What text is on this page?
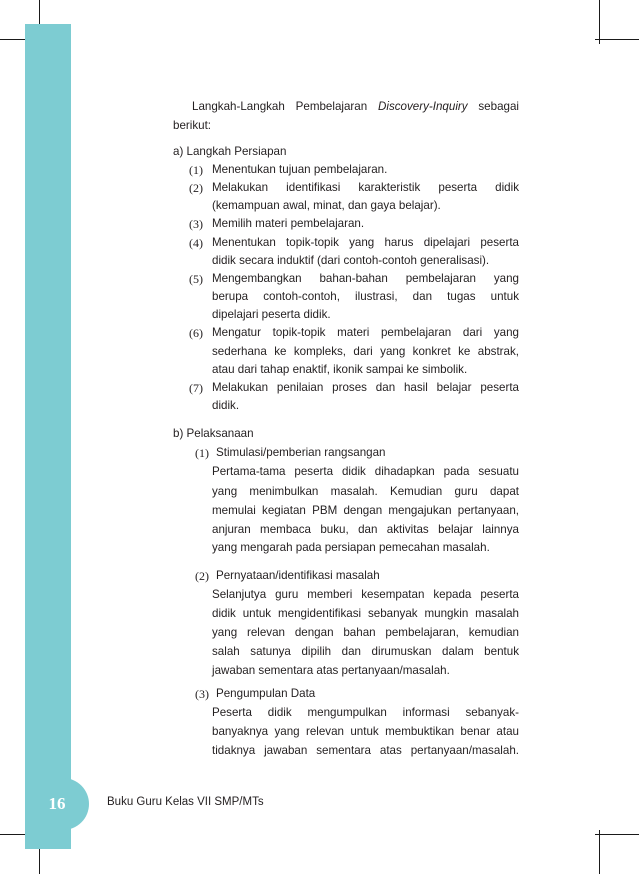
16	Buku Guru Kelas VII SMP/MTs
Langkah-Langkah Pembelajaran Discovery-Inquiry sebagai
berikut:
a) Langkah Persiapan
(1) Menentukan tujuan pembelajaran.
(2) Melakukan identifikasi karakteristik peserta didik
(kemampuan awal, minat, dan gaya belajar).
(3) Memilih materi pembelajaran.
(4) Menentukan topik-topik yang harus dipelajari peserta
didik secara induktif (dari contoh-contoh generalisasi).
(5) Mengembangkan bahan-bahan pembelajaran yang
berupa contoh-contoh, ilustrasi, dan tugas untuk
dipelajari peserta didik.
(6) Mengatur topik-topik materi pembelajaran dari yang
sederhana ke kompleks, dari yang konkret ke abstrak,
atau dari tahap enaktif, ikonik sampai ke simbolik.
(7) Melakukan penilaian proses dan hasil belajar peserta
didik.
b) Pelaksanaan
(1) Stimulasi/pemberian rangsangan
Pertama-tama peserta didik dihadapkan pada sesuatu
yang menimbulkan masalah. Kemudian guru dapat
memulai kegiatan PBM dengan mengajukan pertanyaan,
anjuran membaca buku, dan aktivitas belajar lainnya
yang mengarah pada persiapan pemecahan masalah.
(2) Pernyataan/identifikasi masalah
Selanjutya guru memberi kesempatan kepada peserta
didik untuk mengidentifikasi sebanyak mungkin masalah
yang relevan dengan bahan pembelajaran, kemudian
salah satunya dipilih dan dirumuskan dalam bentuk
jawaban sementara atas pertanyaan/masalah.
(3) Pengumpulan Data
Peserta didik mengumpulkan informasi sebanyak-
banyaknya yang relevan untuk membuktikan benar atau
tidaknya jawaban sementara atas pertanyaan/masalah.
